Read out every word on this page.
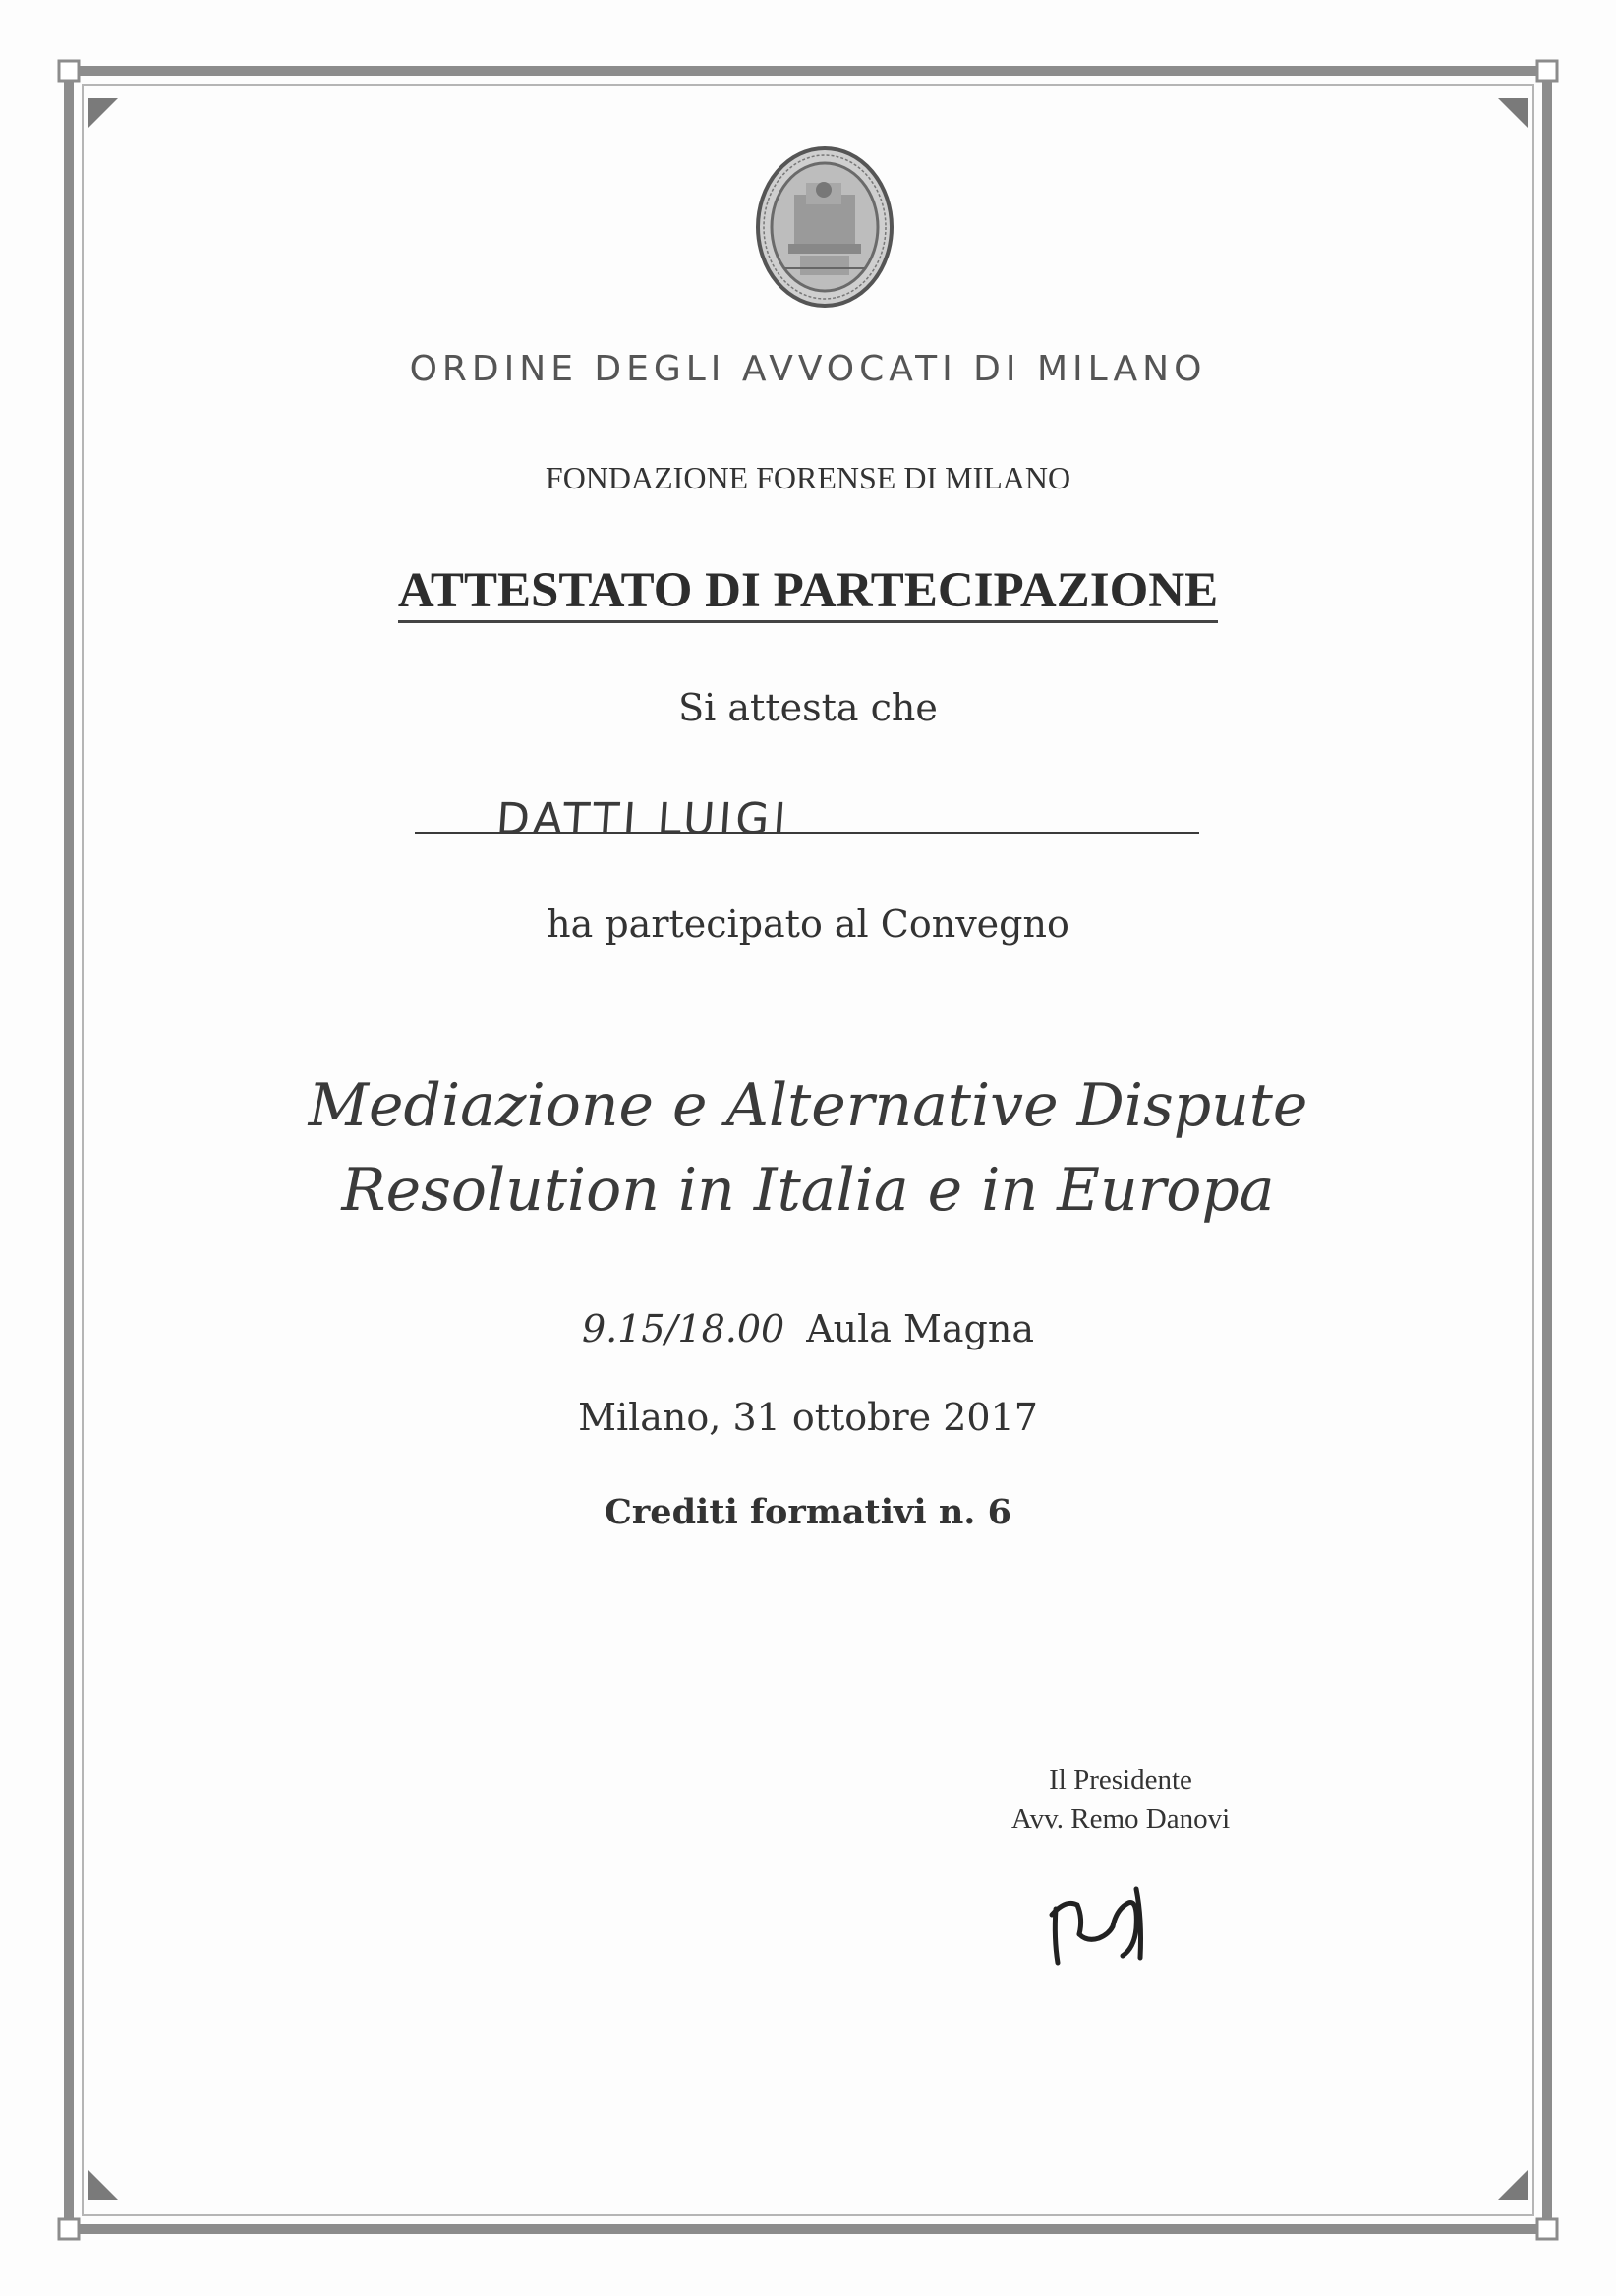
ORDINE DEGLI AVVOCATI DI MILANO
FONDAZIONE FORENSE DI MILANO
ATTESTATO DI PARTECIPAZIONE
Si attesta che
DATTI LUIGI
ha partecipato al Convegno
Mediazione e Alternative Dispute
Resolution in Italia e in Europa
9.15/18.00 Aula Magna
Milano, 31 ottobre 2017
Crediti formativi n. 6
Il Presidente
Avv. Remo Danovi
